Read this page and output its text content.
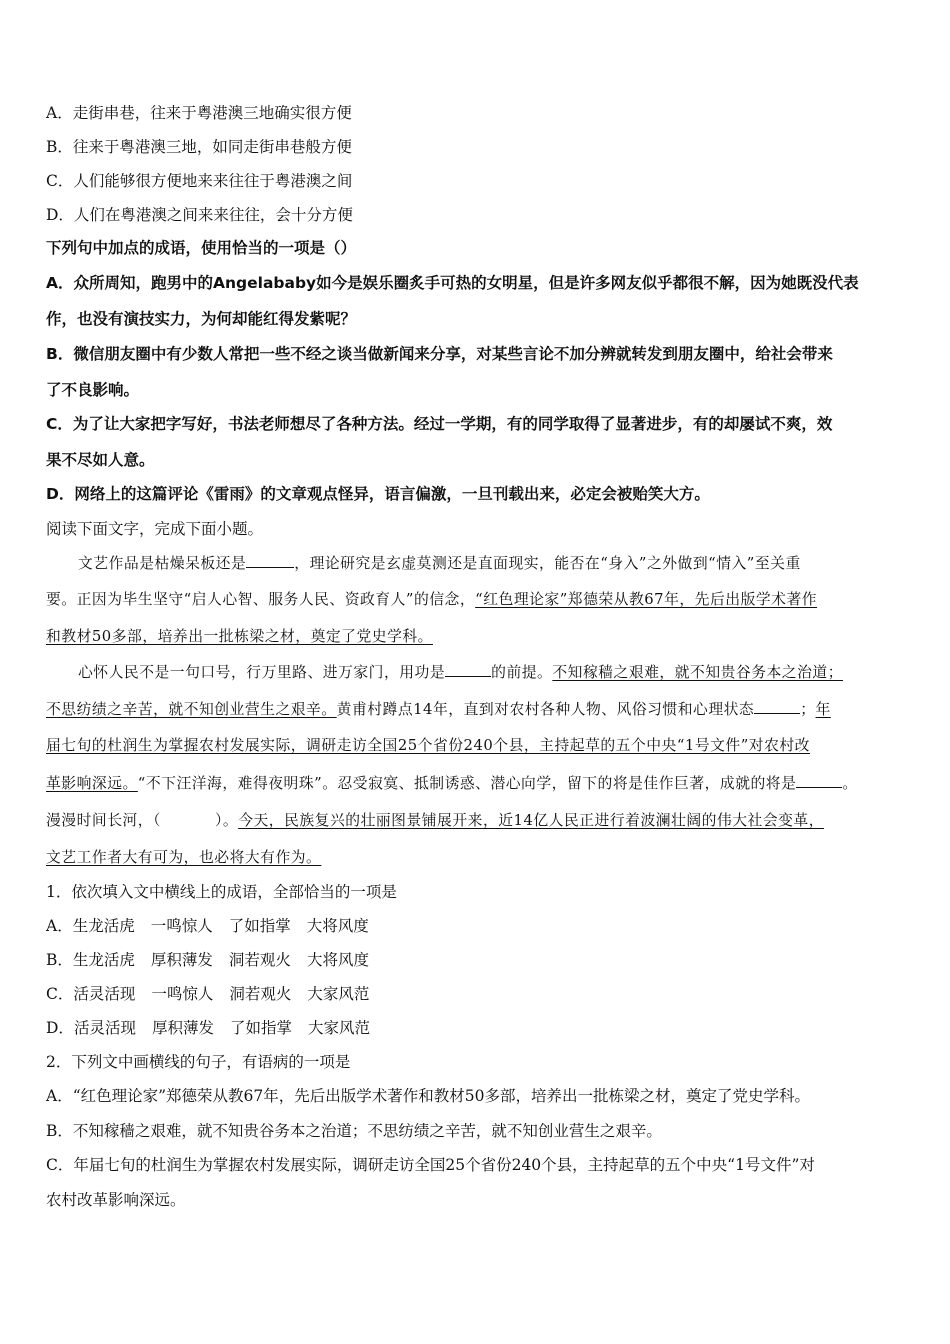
A．走街串巷，往来于粤港澳三地确实很方便
B．往来于粤港澳三地，如同走街串巷般方便
C．人们能够很方便地来来往往于粤港澳之间
D．人们在粤港澳之间来来往往，会十分方便
下列句中加点的成语，使用恰当的一项是（）
A．众所周知，跑男中的Angelababy如今是娱乐圈炙手可热的女明星，但是许多网友似乎都很不解，因为她既没代表
作，也没有演技实力，为何却能红得发紫呢？
B．微信朋友圈中有少数人常把一些不经之谈当做新闻来分享，对某些言论不加分辨就转发到朋友圈中，给社会带来
了不良影响。
C．为了让大家把字写好，书法老师想尽了各种方法。经过一学期，有的同学取得了显著进步，有的却屡试不爽，效
果不尽如人意。
D．网络上的这篇评论《雷雨》的文章观点怪异，语言偏激，一旦刊载出来，必定会被贻笑大方。
阅读下面文字，完成下面小题。
文艺作品是枯燥呆板还是	，理论研究是玄虚莫测还是直面现实，能否在“身入”之外做到“情入”至关重
要。正因为毕生坚守“启人心智、服务人民、资政育人”的信念，“红色理论家”郑德荣从教67年，先后出版学术著作
和教材50多部，培养出一批栋梁之材，奠定了党史学科。
心怀人民不是一句口号，行万里路、进万家门，用功是	的前提。不知稼穑之艰难，就不知贵谷务本之治道；
不思纺绩之辛苦，就不知创业营生之艰辛。黄甫村蹲点14年，直到对农村各种人物、风俗习惯和心理状态	；年
届七旬的杜润生为掌握农村发展实际，调研走访全国25个省份240个县，主持起草的五个中央“1号文件”对农村改
革影响深远。“不下汪洋海，难得夜明珠”。忍受寂寞、抵制诱惑、潜心向学，留下的将是佳作巨著，成就的将是	。
漫漫时间长河，（	）。今天，民族复兴的壮丽图景铺展开来，近14亿人民正进行着波澜壮阔的伟大社会变革，
文艺工作者大有可为，也必将大有作为。
1．依次填入文中横线上的成语，全部恰当的一项是
A．生龙活虎 一鸣惊人 了如指掌 大将风度
B．生龙活虎 厚积薄发 洞若观火 大将风度
C．活灵活现 一鸣惊人 洞若观火 大家风范
D．活灵活现 厚积薄发 了如指掌 大家风范
2．下列文中画横线的句子，有语病的一项是
A．“红色理论家”郑德荣从教67年，先后出版学术著作和教材50多部，培养出一批栋梁之材，奠定了党史学科。
B．不知稼穑之艰难，就不知贵谷务本之治道；不思纺绩之辛苦，就不知创业营生之艰辛。
C．年届七旬的杜润生为掌握农村发展实际，调研走访全国25个省份240个县，主持起草的五个中央“1号文件”对
农村改革影响深远。
